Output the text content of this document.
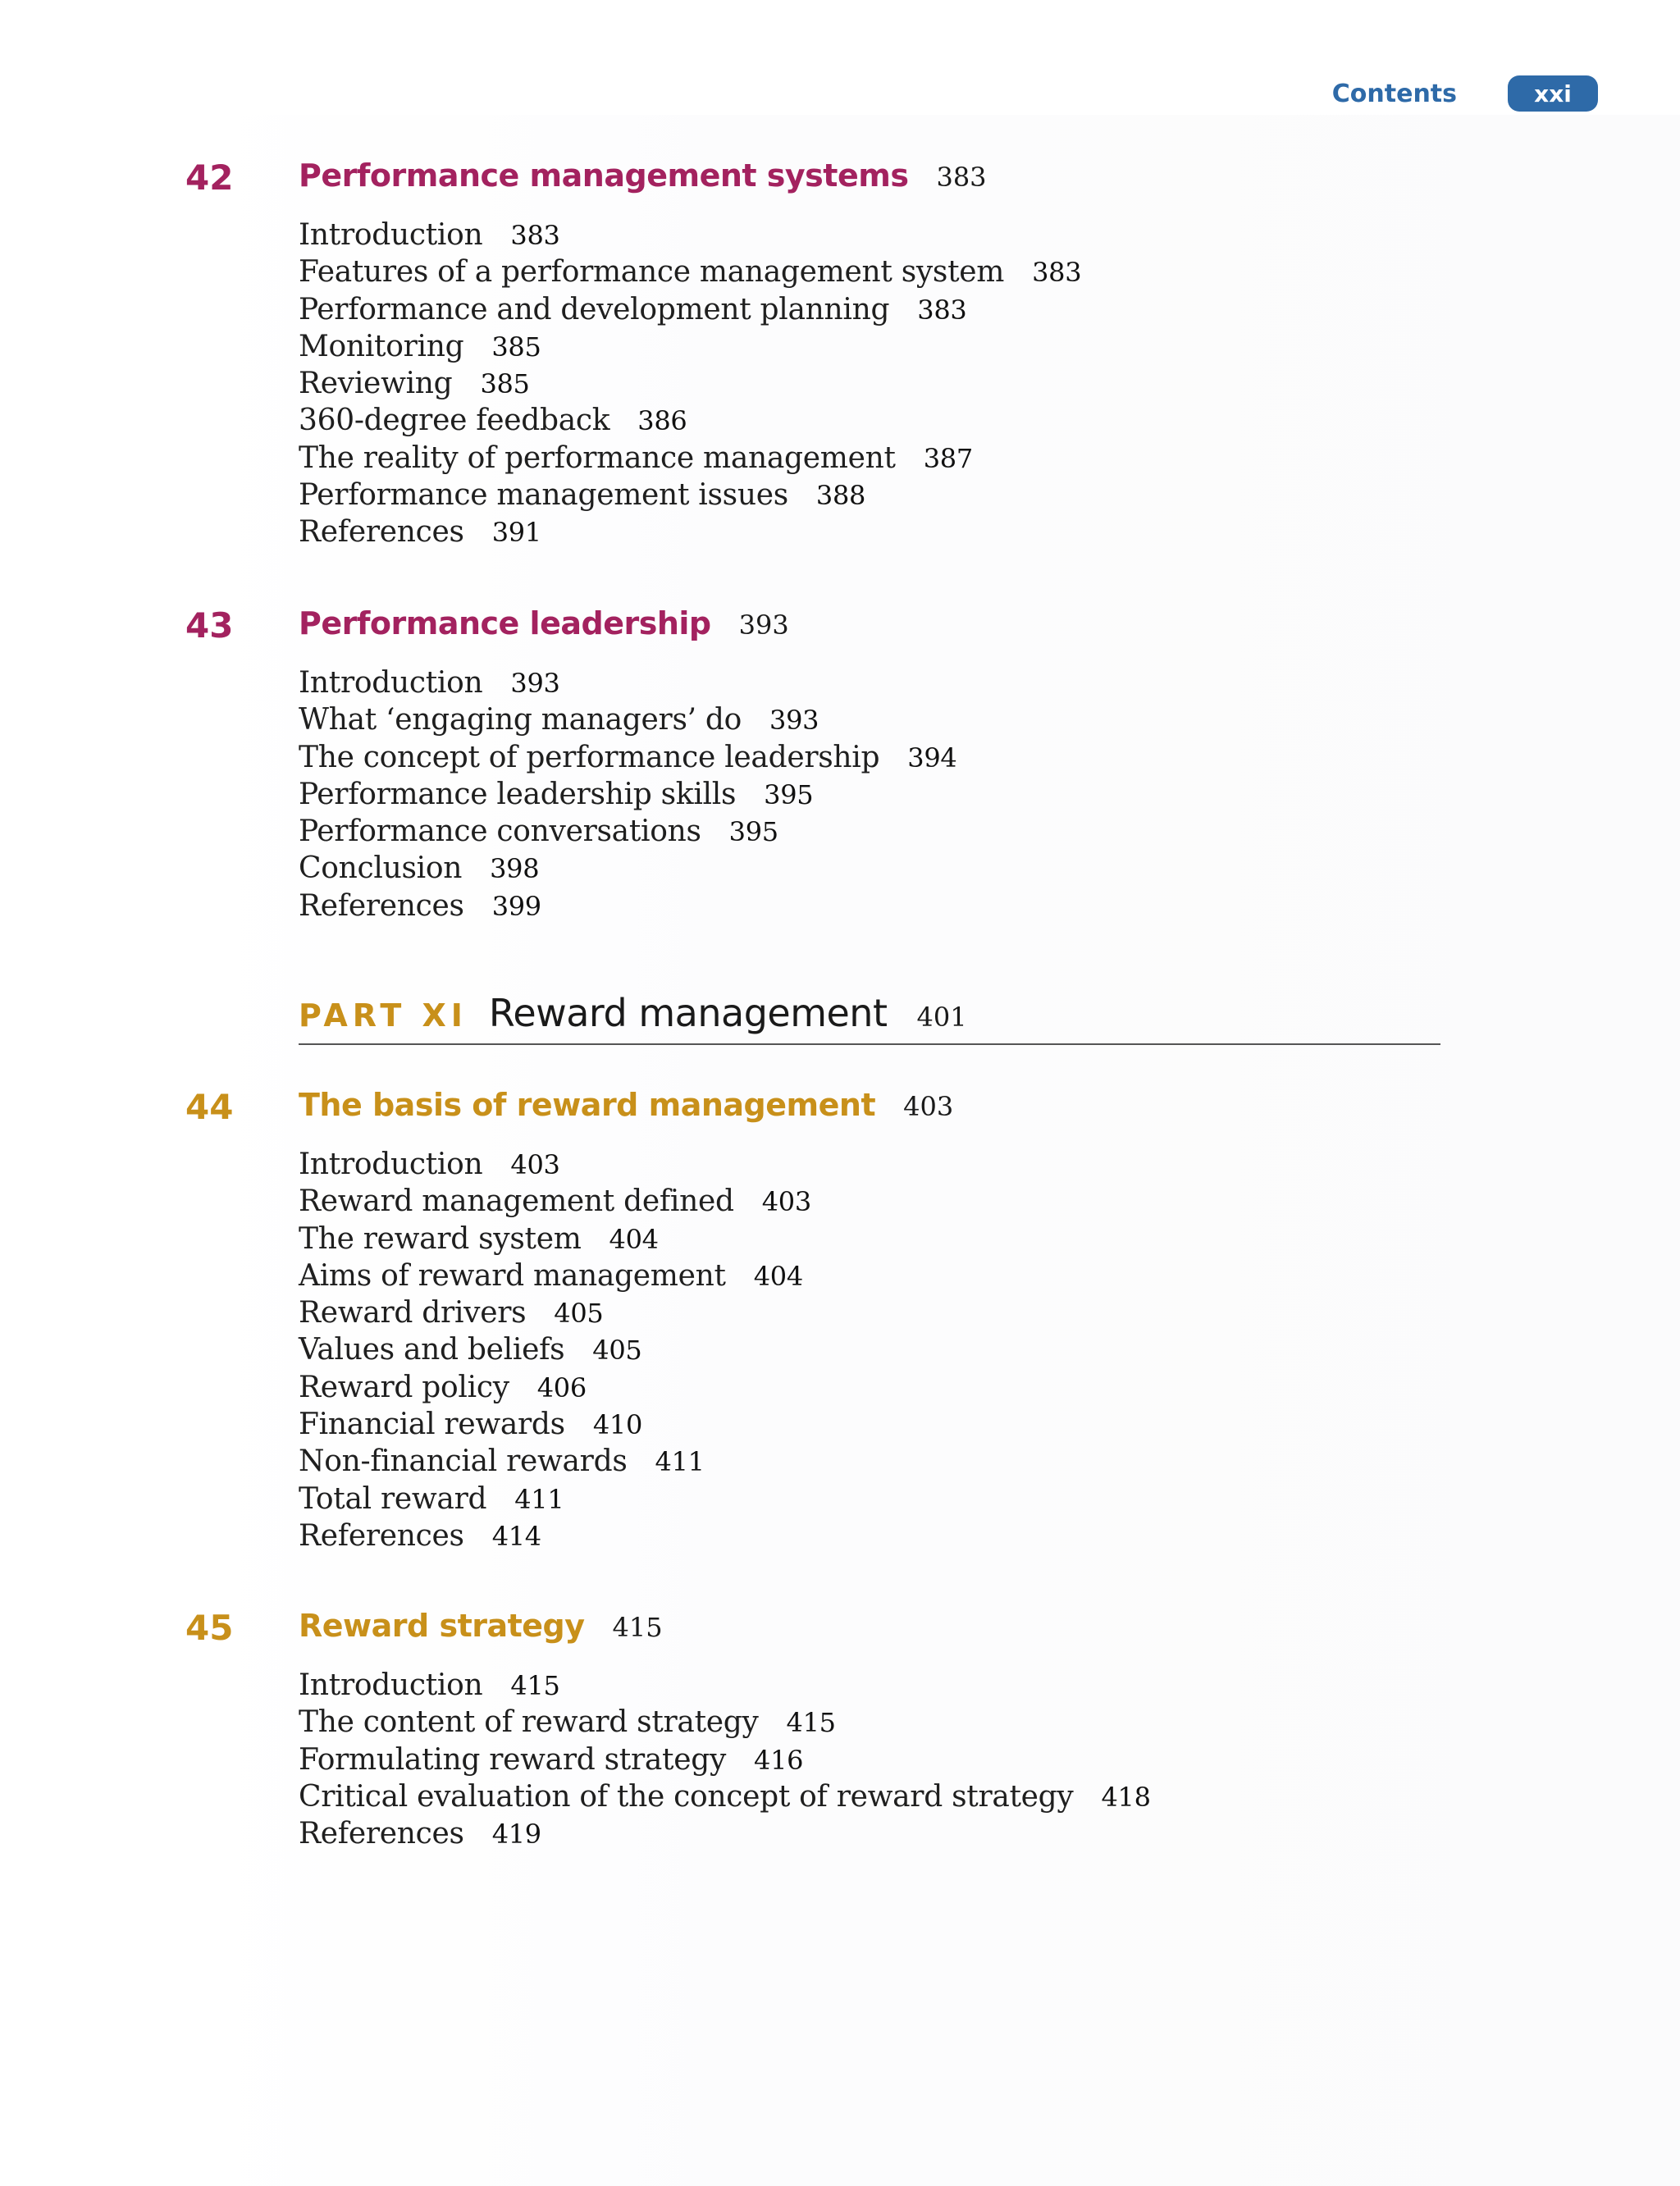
Contents	xxi
42 Performance management systems 383
Introduction 383
Features of a performance management system 383
Performance and development planning 383
Monitoring 385
Reviewing 385
360-degree feedback 386
The reality of performance management 387
Performance management issues 388
References 391
43 Performance leadership 393
Introduction 393
What ‘engaging managers’ do 393
The concept of performance leadership 394
Performance leadership skills 395
Performance conversations 395
Conclusion 398
References 399
PART XI Reward management 401
44 The basis of reward management 403
Introduction 403
Reward management defined 403
The reward system 404
Aims of reward management 404
Reward drivers 405
Values and beliefs 405
Reward policy 406
Financial rewards 410
Non-financial rewards 411
Total reward 411
References 414
45 Reward strategy 415
Introduction 415
The content of reward strategy 415
Formulating reward strategy 416
Critical evaluation of the concept of reward strategy 418
References 419
